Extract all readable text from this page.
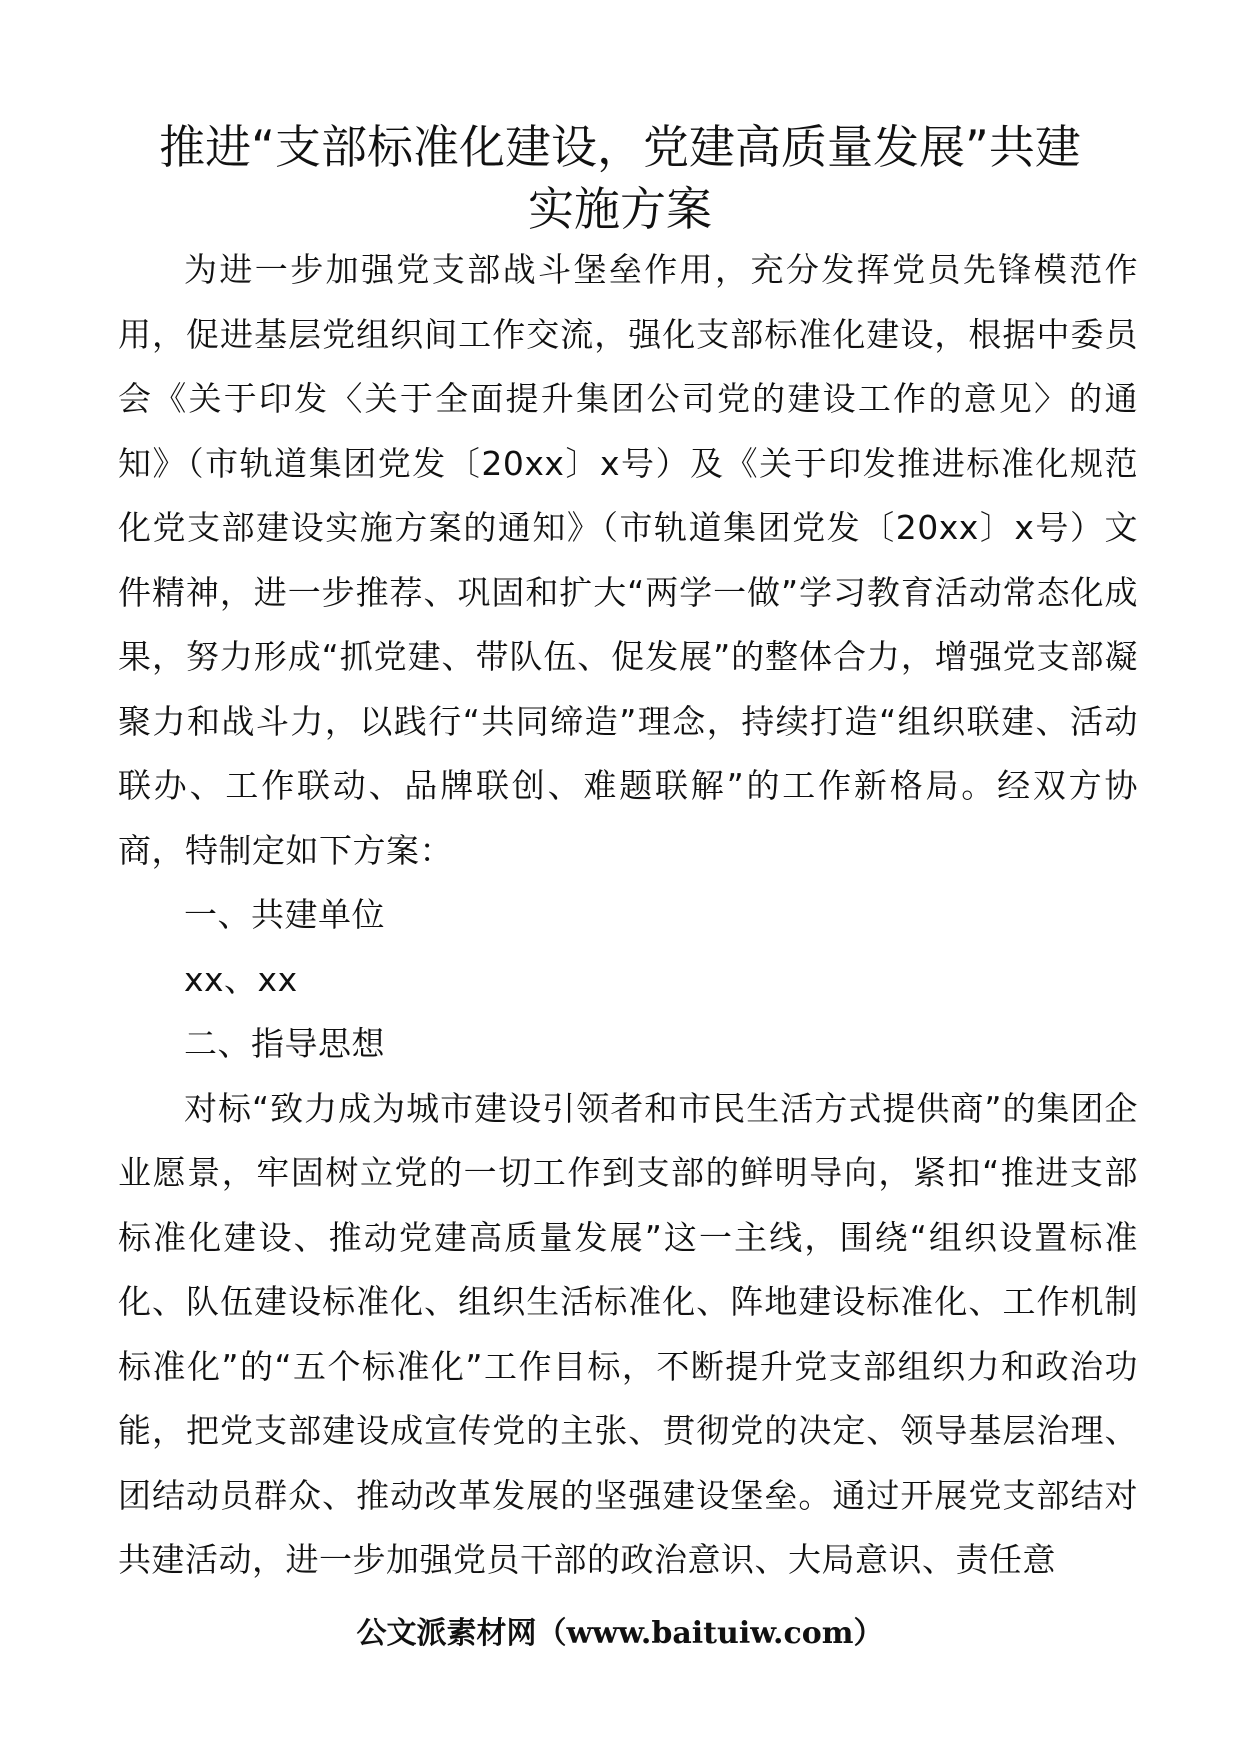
推进“支部标准化建设，党建高质量发展”共建
实施方案

为进一步加强党支部战斗堡垒作用，充分发挥党员先锋模范作用，促进基层党组织间工作交流，强化支部标准化建设，根据中委员会《关于印发〈关于全面提升集团公司党的建设工作的意见〉的通知》（市轨道集团党发〔20xx〕x号）及《关于印发推进标准化规范化党支部建设实施方案的通知》（市轨道集团党发〔20xx〕x号）文件精神，进一步推荐、巩固和扩大“两学一做”学习教育活动常态化成果，努力形成“抓党建、带队伍、促发展”的整体合力，增强党支部凝聚力和战斗力，以践行“共同缔造”理念，持续打造“组织联建、活动联办、工作联动、品牌联创、难题联解”的工作新格局。经双方协商，特制定如下方案：

一、共建单位

xx、xx

二、指导思想

对标“致力成为城市建设引领者和市民生活方式提供商”的集团企业愿景，牢固树立党的一切工作到支部的鲜明导向，紧扣“推进支部标准化建设、推动党建高质量发展”这一主线，围绕“组织设置标准化、队伍建设标准化、组织生活标准化、阵地建设标准化、工作机制标准化”的“五个标准化”工作目标，不断提升党支部组织力和政治功能，把党支部建设成宣传党的主张、贯彻党的决定、领导基层治理、团结动员群众、推动改革发展的坚强建设堡垒。通过开展党支部结对共建活动，进一步加强党员干部的政治意识、大局意识、责任意

公文派素材网（www.baituiw.com）
